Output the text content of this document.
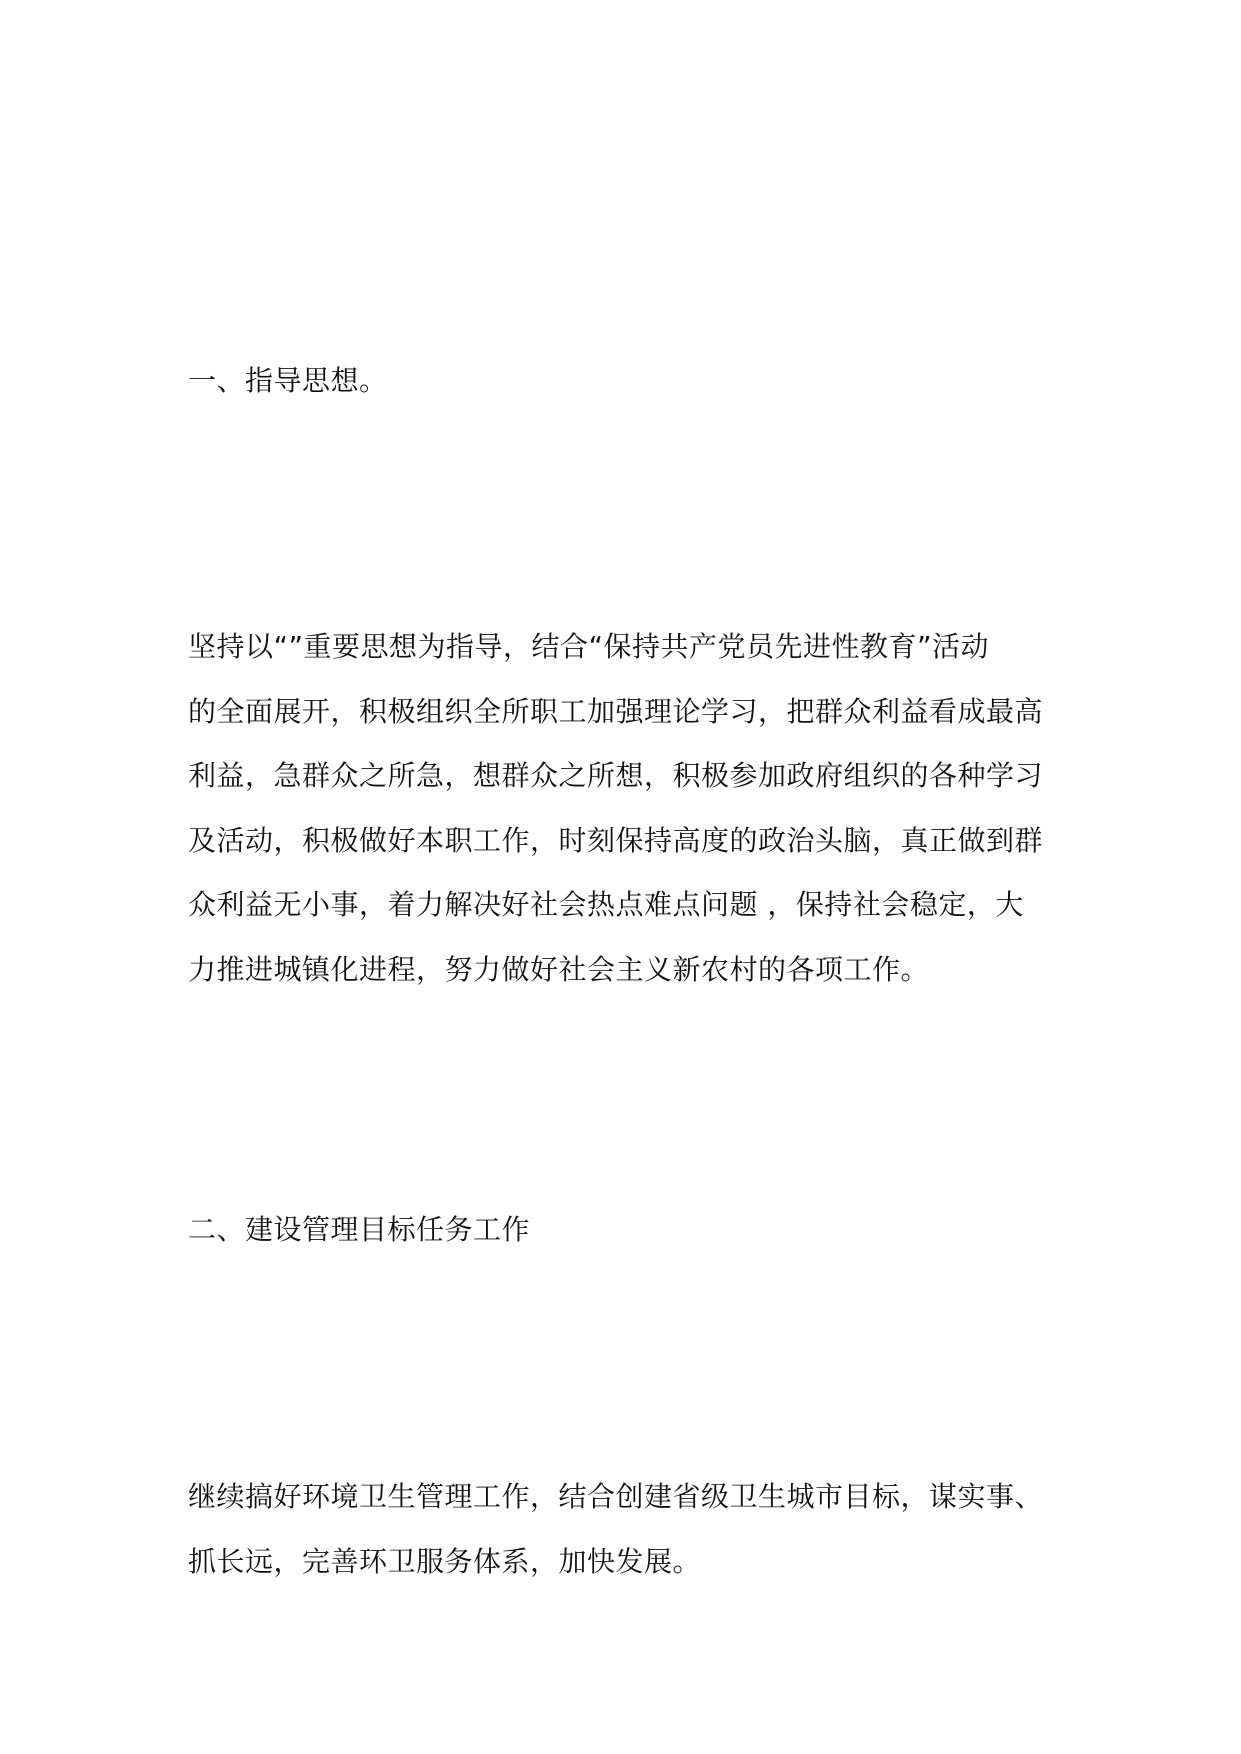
一、指导思想。

坚持以“”重要思想为指导，结合“保持共产党员先进性教育”活动
的全面展开，积极组织全所职工加强理论学习，把群众利益看成最高
利益，急群众之所急，想群众之所想，积极参加政府组织的各种学习
及活动，积极做好本职工作，时刻保持高度的政治头脑，真正做到群
众利益无小事，着力解决好社会热点难点问题 ，保持社会稳定，大
力推进城镇化进程，努力做好社会主义新农村的各项工作。

二、建设管理目标任务工作

继续搞好环境卫生管理工作，结合创建省级卫生城市目标，谋实事、
抓长远，完善环卫服务体系，加快发展。
